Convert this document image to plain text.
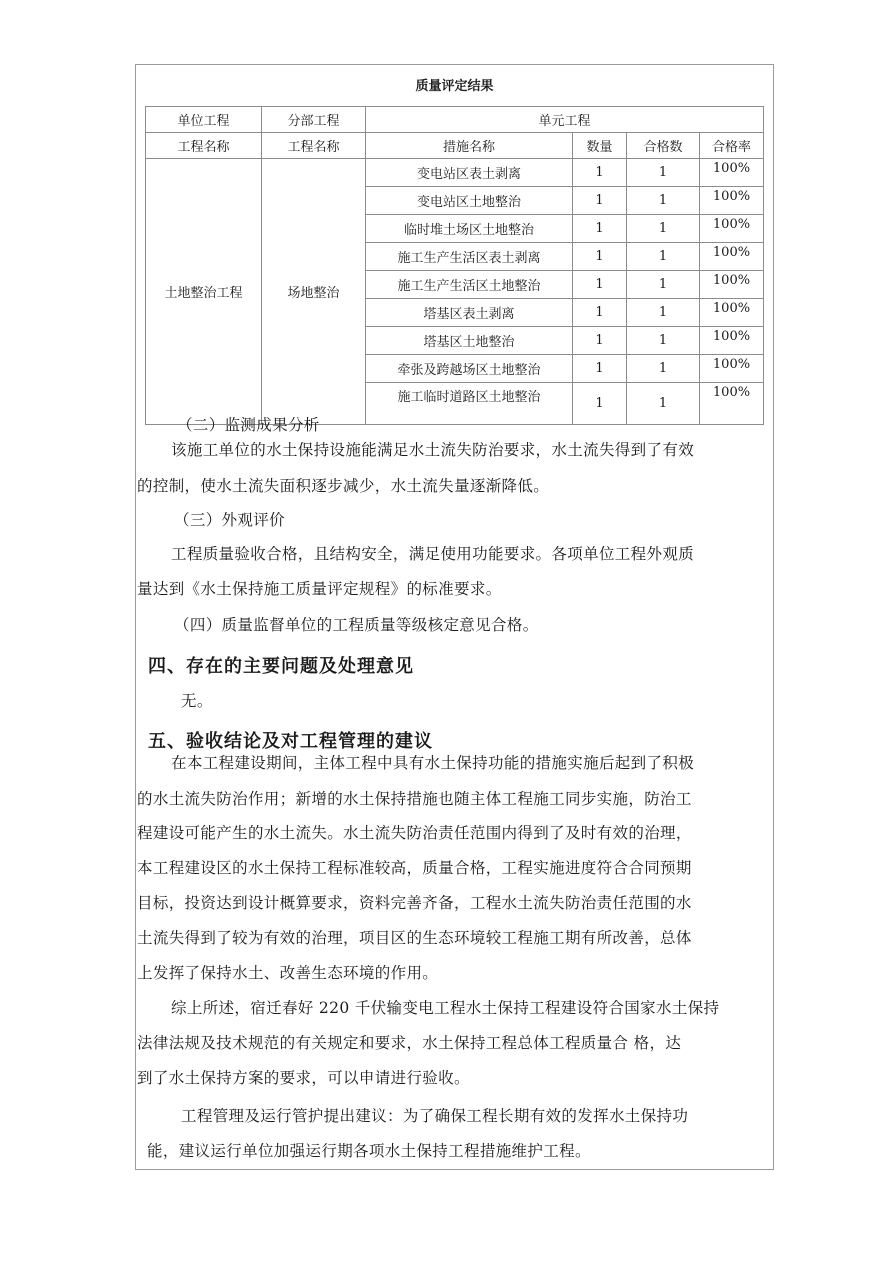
质量评定结果
单位工程	分部工程	单元工程			
工程名称	工程名称	措施名称	数量	合格数	合格率
土地整治工程	场地整治	变电站区表土剥离	1	1	100%
		变电站区土地整治	1	1	100%
		临时堆土场区土地整治	1	1	100%
		施工生产生活区表土剥离	1	1	100%
		施工生产生活区土地整治	1	1	100%
		塔基区表土剥离	1	1	100%
		塔基区土地整治	1	1	100%
		牵张及跨越场区土地整治	1	1	100%
		施工临时道路区土地整治	1	1	100%
（二）监测成果分析
该施工单位的水土保持设施能满足水土流失防治要求，水土流失得到了有效
的控制，使水土流失面积逐步减少，水土流失量逐渐降低。
（三）外观评价
工程质量验收合格，且结构安全，满足使用功能要求。各项单位工程外观质
量达到《水土保持施工质量评定规程》的标准要求。
（四）质量监督单位的工程质量等级核定意见合格。
四、存在的主要问题及处理意见
无。
五、验收结论及对工程管理的建议
在本工程建设期间，主体工程中具有水土保持功能的措施实施后起到了积极
的水土流失防治作用；新增的水土保持措施也随主体工程施工同步实施，防治工
程建设可能产生的水土流失。水土流失防治责任范围内得到了及时有效的治理，
本工程建设区的水土保持工程标准较高，质量合格，工程实施进度符合合同预期
目标，投资达到设计概算要求，资料完善齐备，工程水土流失防治责任范围的水
土流失得到了较为有效的治理，项目区的生态环境较工程施工期有所改善，总体
上发挥了保持水土、改善生态环境的作用。
综上所述，宿迁春好 220 千伏输变电工程水土保持工程建设符合国家水土保持
法律法规及技术规范的有关规定和要求，水土保持工程总体工程质量合 格，达
到了水土保持方案的要求，可以申请进行验收。
工程管理及运行管护提出建议：为了确保工程长期有效的发挥水土保持功
能，建议运行单位加强运行期各项水土保持工程措施维护工程。
